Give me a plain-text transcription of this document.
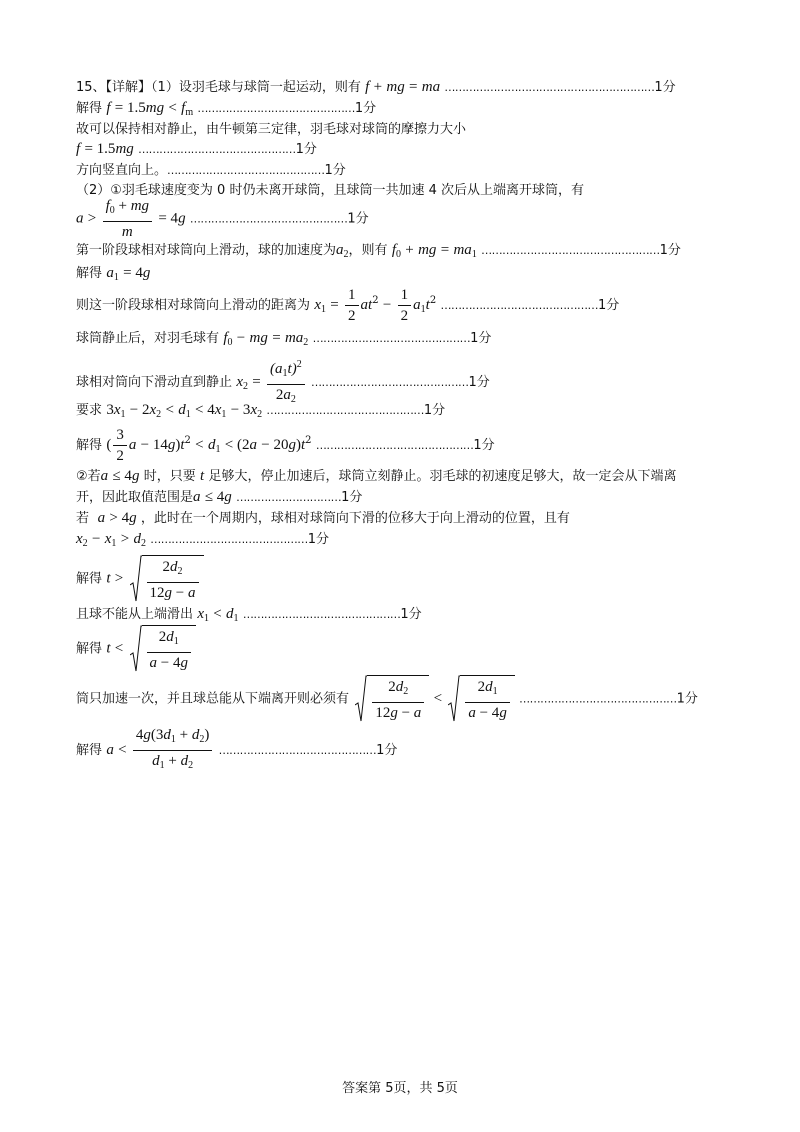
15、【详解】（1）设羽毛球与球筒一起运动，则有 f + mg = ma ……………………………………………………1分
解得 $f = 1.5mg < f_m$ ………………………………………1分
故可以保持相对静止，由牛顿第三定律，羽毛球对球筒的摩擦力大小
f = 1.5mg ………………………………………1分
方向竖直向上。………………………………………1分
（2）①羽毛球速度变为 0 时仍未离开球筒，且球筒一共加速 4 次后从上端离开球筒，有
$a > \frac{f_0 + mg}{m} = 4g$ ………………………………………1分
第一阶段球相对球筒向上滑动，球的加速度为$a_2$，则有 $f_0$ + mg = $ma_1$ ……………………………………………1分
解得 $a_1 = 4g$
则这一阶段球相对球筒向上滑动的距离为 $x_1 = \frac{1}{2} at^2 - \frac{1}{2} a_1t^2$ ………………………………………1分
球筒静止后，对羽毛球有 $f_0$ − mg = $ma_2$ ………………………………………1分
球相对筒向下滑动直到静止 $x_2 = \frac{(a_1t)^2}{2a_2}$ ………………………………………1分
要求 $3x_1 - 2x_2 < d_1 < 4x_1 - 3x_2$ ………………………………………1分
解得 ( $\frac{3}{2}$ $a - 14g)t^2 < d_1 < (2a - 20g)t^2$ ………………………………………1分
②若a ≤ 4g 时，只要 t 足够大，停止加速后，球筒立刻静止。羽毛球的初速度足够大，故一定会从下端离
开，因此取值范围是a ≤ 4g …………………………1分
若 a > 4g ，此时在一个周期内，球相对球筒向下滑的位移大于向上滑动的位置，且有
$x_2 - x_1 > d_2$ ………………………………………1分
解得 $t > \frac{2d_2}{12g - a}$
且球不能从上端滑出 $x_1 < d_1$ ………………………………………1分
解得 $t < \frac{2d_1}{a - 4g}$
筒只加速一次，并且球总能从下端离开则必须有 $\frac{2d_2}{12g - a} < \frac{2d_1}{a - 4g}$ ………………………………………1分
解得 $a < \frac{4g(3d_1 + d_2)}{d_1 + d_2}$ ………………………………………1分
答案第 5页，共 5页
